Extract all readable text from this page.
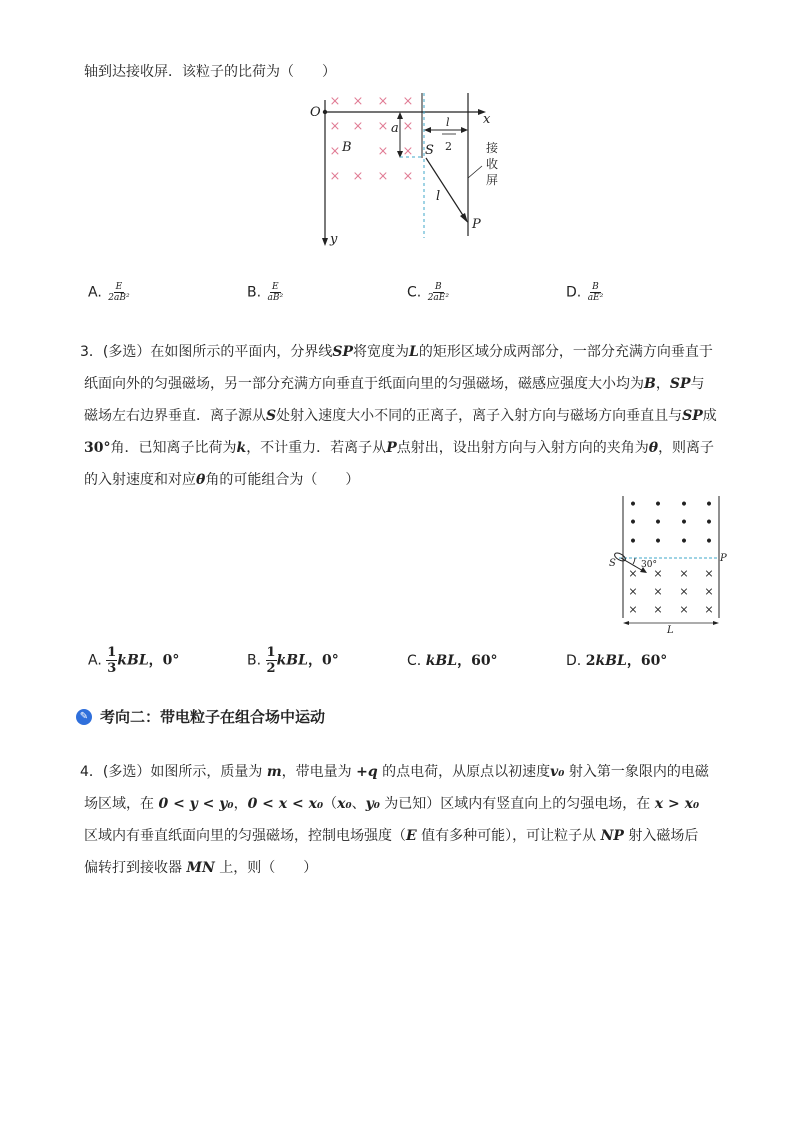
轴到达接收屏．该粒子的比荷为（　　）
× × × ×
× × × ×
×	× ×
× × × ×
O	x
y
a
B	S
l
2
l
P
接
收
屏
A. $\frac{E}{\text{2aB²}}$	B. $\frac{E}{\text{aB²}}$	C. $\frac{B}{\text{2aE²}}$	D. $\frac{B}{\text{aE²}}$
3．(多选）在如图所示的平面内，分界线SP将宽度为L的矩形区域分成两部分，一部分充满方向垂直于
纸面向外的匀强磁场，另一部分充满方向垂直于纸面向里的匀强磁场，磁感应强度大小均为B，SP与
磁场左右边界垂直．离子源从S处射入速度大小不同的正离子，离子入射方向与磁场方向垂直且与SP成
30°角．已知离子比荷为k，不计重力．若离子从P点射出，设出射方向与入射方向的夹角为θ，则离子
的入射速度和对应θ角的可能组合为（　　）
• • • •
• • • •
• • • •
× × × ×
× × × ×
× × × ×
S	P
30°
L
A. $\frac{1}{3}$ kBL，0°	B. $\frac{1}{2}$ kBL，0°	C. kBL，60°	D. 2kBL，60°
✎ 考向二：带电粒子在组合场中运动
4．(多选）如图所示，质量为 m，带电量为 +q 的点电荷，从原点以初速度v₀ 射入第一象限内的电磁
场区域，在 0 < y < y₀，0 < x < x₀（x₀、y₀ 为已知）区域内有竖直向上的匀强电场，在 x > x₀
区域内有垂直纸面向里的匀强磁场，控制电场强度（E 值有多种可能），可让粒子从 NP 射入磁场后
偏转打到接收器 MN 上，则（　　）
